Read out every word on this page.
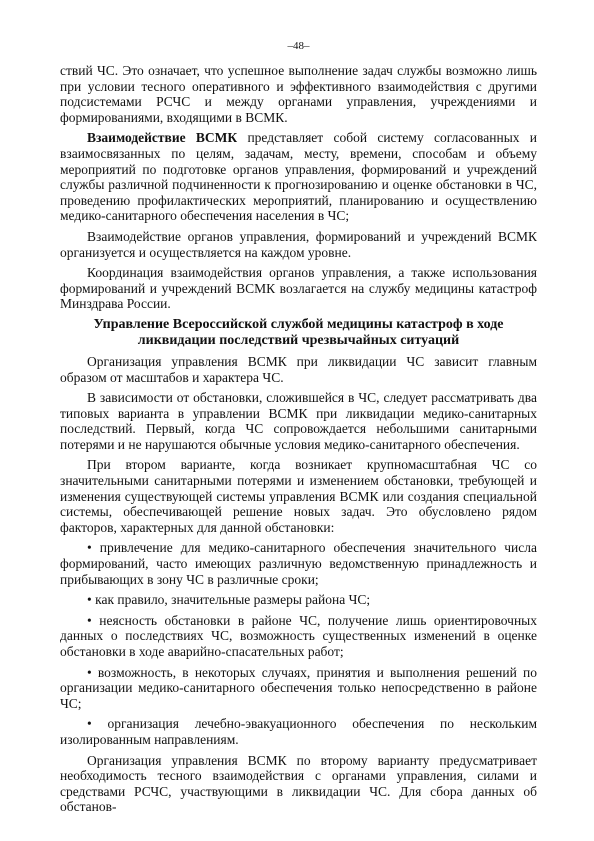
–48–

ствий ЧС. Это означает, что успешное выполнение задач службы возможно лишь при условии тесного оперативного и эффективного взаимодействия с другими подсистемами РСЧС и между органами управления, учреждениями и формированиями, входящими в ВСМК.

Взаимодействие ВСМК представляет собой систему согласованных и взаимосвязанных по целям, задачам, месту, времени, способам и объему мероприятий по подготовке органов управления, формирований и учреждений службы различной подчиненности к прогнозированию и оценке обстановки в ЧС, проведению профилактических мероприятий, планированию и осуществлению медико-санитарного обеспечения населения в ЧС;

Взаимодействие органов управления, формирований и учреждений ВСМК организуется и осуществляется на каждом уровне.

Координация взаимодействия органов управления, а также использования формирований и учреждений ВСМК возлагается на службу медицины катастроф Минздрава России.

Управление Всероссийской службой медицины катастроф в ходе ликвидации последствий чрезвычайных ситуаций

Организация управления ВСМК при ликвидации ЧС зависит главным образом от масштабов и характера ЧС.

В зависимости от обстановки, сложившейся в ЧС, следует рассматривать два типовых варианта в управлении ВСМК при ликвидации медико-санитарных последствий. Первый, когда ЧС сопровождается небольшими санитарными потерями и не нарушаются обычные условия медико-санитарного обеспечения.

При втором варианте, когда возникает крупномасштабная ЧС со значительными санитарными потерями и изменением обстановки, требующей и изменения существующей системы управления ВСМК или создания специальной системы, обеспечивающей решение новых задач. Это обусловлено рядом факторов, характерных для данной обстановки:

• привлечение для медико-санитарного обеспечения значительного числа формирований, часто имеющих различную ведомственную принадлежность и прибывающих в зону ЧС в различные сроки;
• как правило, значительные размеры района ЧС;
• неясность обстановки в районе ЧС, получение лишь ориентировочных данных о последствиях ЧС, возможность существенных изменений в оценке обстановки в ходе аварийно-спасательных работ;
• возможность, в некоторых случаях, принятия и выполнения решений по организации медико-санитарного обеспечения только непосредственно в районе ЧС;
• организация лечебно-эвакуационного обеспечения по нескольким изолированным направлениям.

Организация управления ВСМК по второму варианту предусматривает необходимость тесного взаимодействия с органами управления, силами и средствами РСЧС, участвующими в ликвидации ЧС. Для сбора данных об обстанов-
